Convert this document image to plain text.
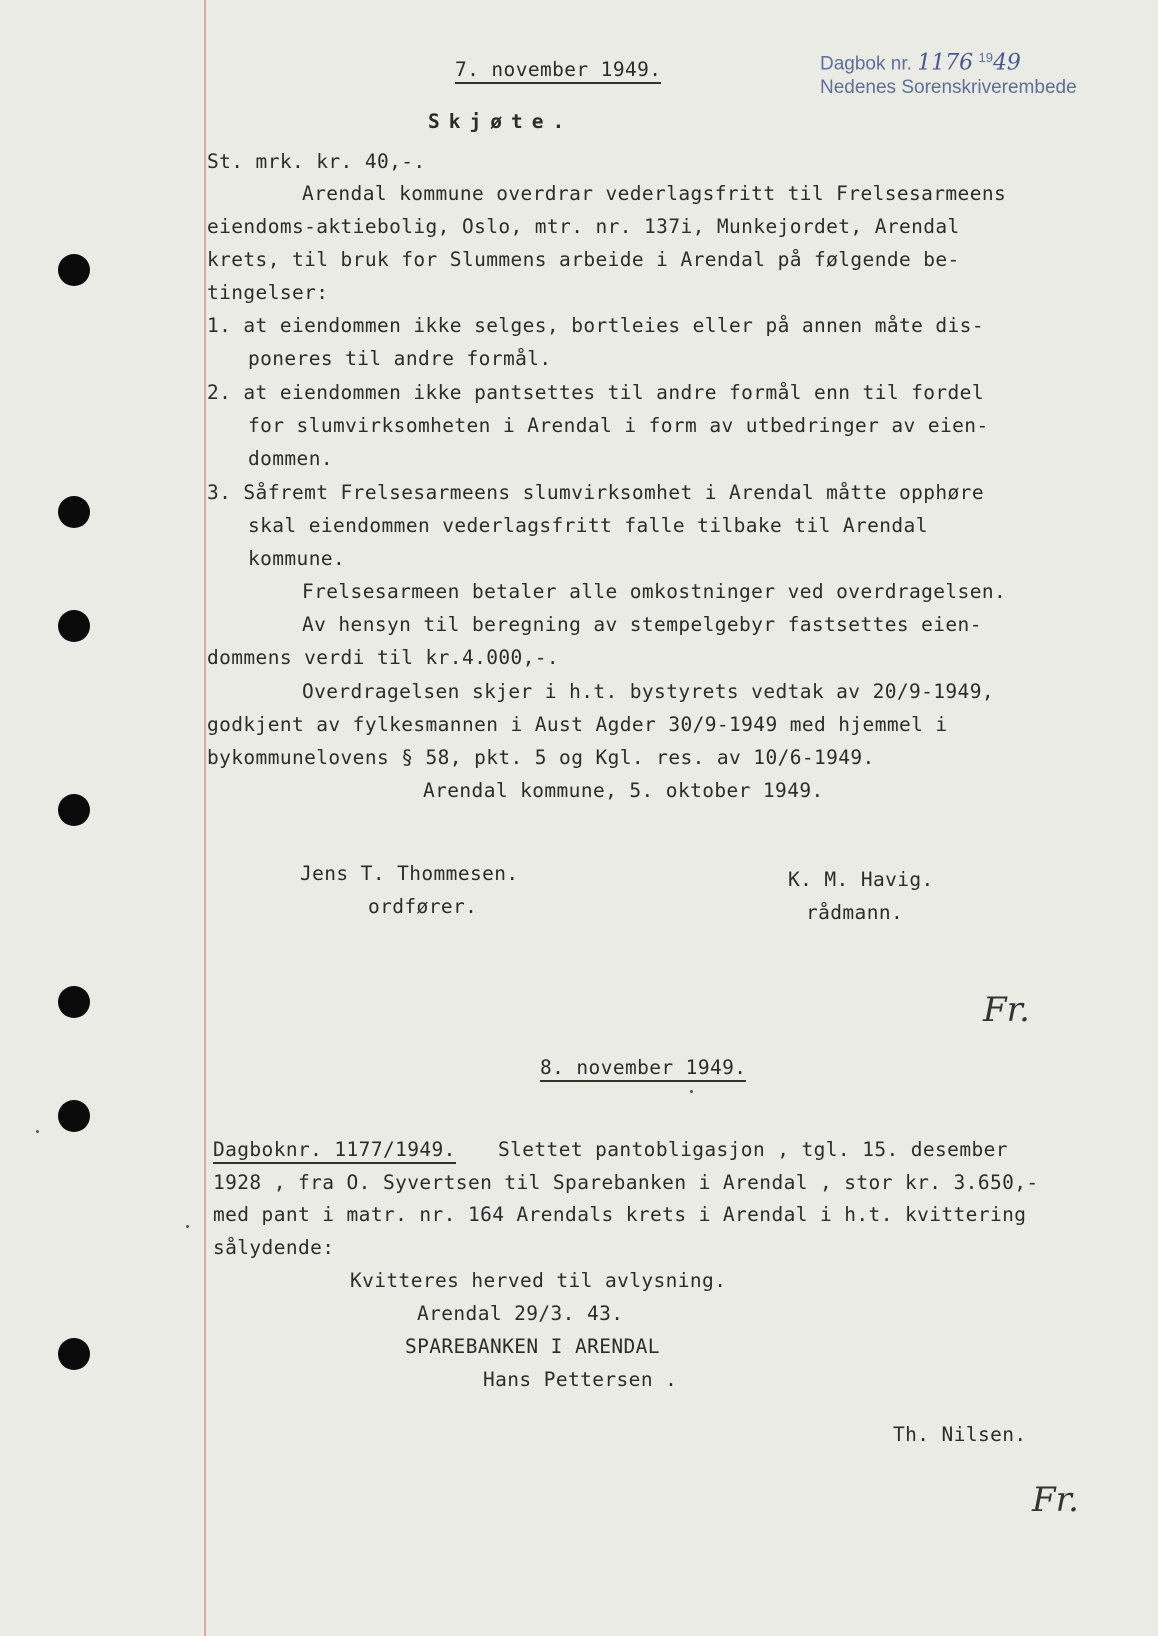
Dagbok nr. 1176 $^{19}$49
Nedenes Sorenskriverembede
7. november 1949.
Skjøte.
St. mrk. kr. 40,-.
Arendal kommune overdrar vederlagsfritt til Frelsesarmeens
eiendoms-aktiebolig, Oslo, mtr. nr. 137i, Munkejordet, Arendal
krets, til bruk for Slummens arbeide i Arendal på følgende be-
tingelser:
1. at eiendommen ikke selges, bortleies eller på annen måte dis-
poneres til andre formål.
2. at eiendommen ikke pantsettes til andre formål enn til fordel
for slumvirksomheten i Arendal i form av utbedringer av eien-
dommen.
3. Såfremt Frelsesarmeens slumvirksomhet i Arendal måtte opphøre
skal eiendommen vederlagsfritt falle tilbake til Arendal
kommune.
Frelsesarmeen betaler alle omkostninger ved overdragelsen.
Av hensyn til beregning av stempelgebyr fastsettes eien-
dommens verdi til kr.4.000,-.
Overdragelsen skjer i h.t. bystyrets vedtak av 20/9-1949,
godkjent av fylkesmannen i Aust Agder 30/9-1949 med hjemmel i
bykommunelovens § 58, pkt. 5 og Kgl. res. av 10/6-1949.
Arendal kommune, 5. oktober 1949.
Jens T. Thommesen.
ordfører.
K. M. Havig.
rådmann.
Fr.
8. november 1949.
Dagboknr. 1177/1949. Slettet pantobligasjon , tgl. 15. desember
1928 , fra O. Syvertsen til Sparebanken i Arendal , stor kr. 3.650,-
med pant i matr. nr. 164 Arendals krets i Arendal i h.t. kvittering
sålydende:
Kvitteres herved til avlysning.
Arendal 29/3. 43.
SPAREBANKEN I ARENDAL
Hans Pettersen .
Th. Nilsen.
Fr.
